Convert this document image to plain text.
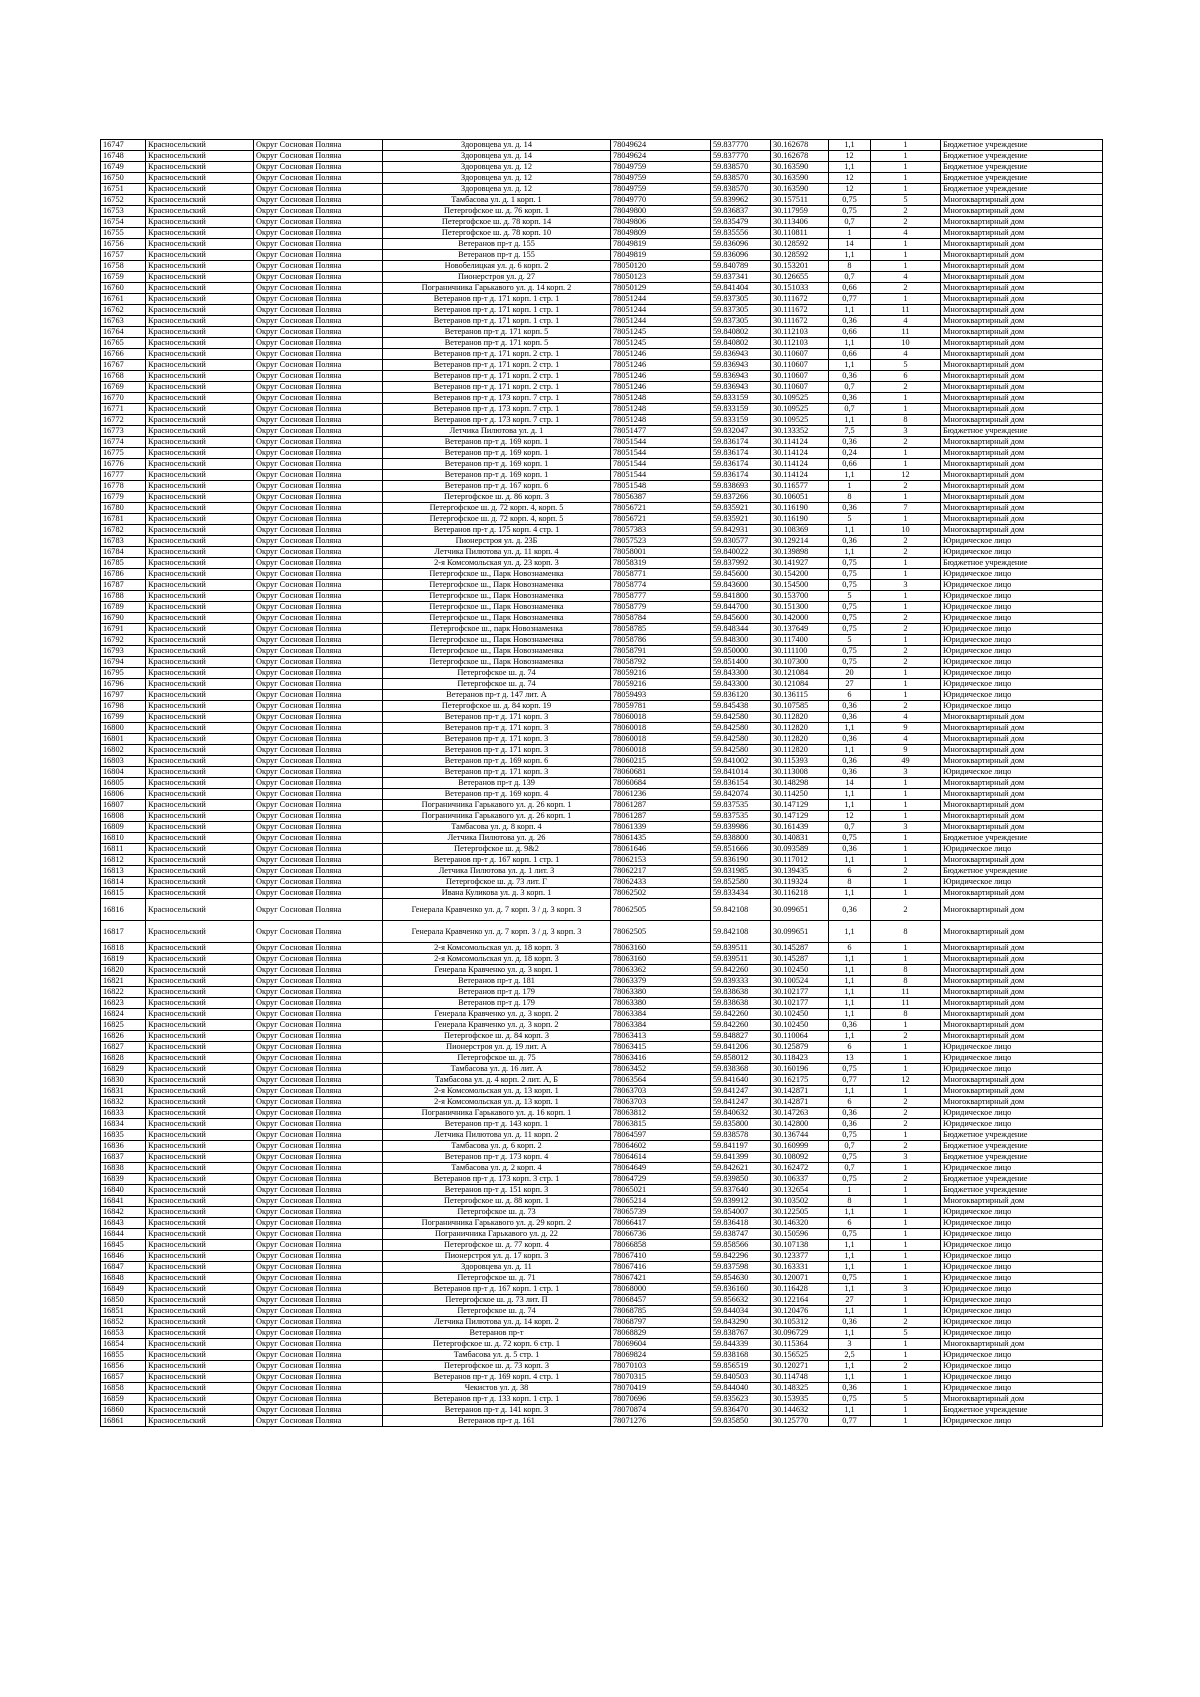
16747	Красносельский	Округ Сосновая Поляна	Здоровцева ул. д. 14	78049624	59.837770	30.162678	1,1	1	Бюджетное учреждение
16748	Красносельский	Округ Сосновая Поляна	Здоровцева ул. д. 14	78049624	59.837770	30.162678	12	1	Бюджетное учреждение
16749	Красносельский	Округ Сосновая Поляна	Здоровцева ул. д. 12	78049759	59.838570	30.163590	1,1	1	Бюджетное учреждение
16750	Красносельский	Округ Сосновая Поляна	Здоровцева ул. д. 12	78049759	59.838570	30.163590	12	1	Бюджетное учреждение
16751	Красносельский	Округ Сосновая Поляна	Здоровцева ул. д. 12	78049759	59.838570	30.163590	12	1	Бюджетное учреждение
16752	Красносельский	Округ Сосновая Поляна	Тамбасова ул. д. 1 корп. 1	78049770	59.839962	30.157511	0,75	5	Многоквартирный дом
16753	Красносельский	Округ Сосновая Поляна	Петергофское ш. д. 76 корп. 1	78049800	59.836837	30.117959	0,75	2	Многоквартирный дом
16754	Красносельский	Округ Сосновая Поляна	Петергофское ш. д. 78 корп. 14	78049806	59.835479	30.113406	0,7	2	Многоквартирный дом
16755	Красносельский	Округ Сосновая Поляна	Петергофское ш. д. 78 корп. 10	78049809	59.835556	30.110811	1	4	Многоквартирный дом
16756	Красносельский	Округ Сосновая Поляна	Ветеранов пр-т д. 155	78049819	59.836096	30.128592	14	1	Многоквартирный дом
16757	Красносельский	Округ Сосновая Поляна	Ветеранов пр-т д. 155	78049819	59.836096	30.128592	1,1	1	Многоквартирный дом
16758	Красносельский	Округ Сосновая Поляна	Новобелицкая ул. д. 6 корп. 2	78050120	59.840789	30.153201	8	1	Многоквартирный дом
16759	Красносельский	Округ Сосновая Поляна	Пионерстроя ул. д. 27	78050123	59.837341	30.126655	0,7	4	Многоквартирный дом
16760	Красносельский	Округ Сосновая Поляна	Пограничника Гарькавого ул. д. 14 корп. 2	78050129	59.841404	30.151033	0,66	2	Многоквартирный дом
16761	Красносельский	Округ Сосновая Поляна	Ветеранов пр-т д. 171 корп. 1 стр. 1	78051244	59.837305	30.111672	0,77	1	Многоквартирный дом
16762	Красносельский	Округ Сосновая Поляна	Ветеранов пр-т д. 171 корп. 1 стр. 1	78051244	59.837305	30.111672	1,1	11	Многоквартирный дом
16763	Красносельский	Округ Сосновая Поляна	Ветеранов пр-т д. 171 корп. 1 стр. 1	78051244	59.837305	30.111672	0,36	4	Многоквартирный дом
16764	Красносельский	Округ Сосновая Поляна	Ветеранов пр-т д. 171 корп. 5	78051245	59.840802	30.112103	0,66	11	Многоквартирный дом
16765	Красносельский	Округ Сосновая Поляна	Ветеранов пр-т д. 171 корп. 5	78051245	59.840802	30.112103	1,1	10	Многоквартирный дом
16766	Красносельский	Округ Сосновая Поляна	Ветеранов пр-т д. 171 корп. 2 стр. 1	78051246	59.836943	30.110607	0,66	4	Многоквартирный дом
16767	Красносельский	Округ Сосновая Поляна	Ветеранов пр-т д. 171 корп. 2 стр. 1	78051246	59.836943	30.110607	1,1	5	Многоквартирный дом
16768	Красносельский	Округ Сосновая Поляна	Ветеранов пр-т д. 171 корп. 2 стр. 1	78051246	59.836943	30.110607	0,36	6	Многоквартирный дом
16769	Красносельский	Округ Сосновая Поляна	Ветеранов пр-т д. 171 корп. 2 стр. 1	78051246	59.836943	30.110607	0,7	2	Многоквартирный дом
16770	Красносельский	Округ Сосновая Поляна	Ветеранов пр-т д. 173 корп. 7 стр. 1	78051248	59.833159	30.109525	0,36	1	Многоквартирный дом
16771	Красносельский	Округ Сосновая Поляна	Ветеранов пр-т д. 173 корп. 7 стр. 1	78051248	59.833159	30.109525	0,7	1	Многоквартирный дом
16772	Красносельский	Округ Сосновая Поляна	Ветеранов пр-т д. 173 корп. 7 стр. 1	78051248	59.833159	30.109525	1,1	8	Многоквартирный дом
16773	Красносельский	Округ Сосновая Поляна	Летчика Пилютова ул. д. 1	78051477	59.832047	30.133352	7,5	3	Бюджетное учреждение
16774	Красносельский	Округ Сосновая Поляна	Ветеранов пр-т д. 169 корп. 1	78051544	59.836174	30.114124	0,36	2	Многоквартирный дом
16775	Красносельский	Округ Сосновая Поляна	Ветеранов пр-т д. 169 корп. 1	78051544	59.836174	30.114124	0,24	1	Многоквартирный дом
16776	Красносельский	Округ Сосновая Поляна	Ветеранов пр-т д. 169 корп. 1	78051544	59.836174	30.114124	0,66	1	Многоквартирный дом
16777	Красносельский	Округ Сосновая Поляна	Ветеранов пр-т д. 169 корп. 1	78051544	59.836174	30.114124	1,1	12	Многоквартирный дом
16778	Красносельский	Округ Сосновая Поляна	Ветеранов пр-т д. 167 корп. 6	78051548	59.838693	30.116577	1	2	Многоквартирный дом
16779	Красносельский	Округ Сосновая Поляна	Петергофское ш. д. 86 корп. 3	78056387	59.837266	30.106051	8	1	Многоквартирный дом
16780	Красносельский	Округ Сосновая Поляна	Петергофское ш. д. 72 корп. 4, корп. 5	78056721	59.835921	30.116190	0,36	7	Многоквартирный дом
16781	Красносельский	Округ Сосновая Поляна	Петергофское ш. д. 72 корп. 4, корп. 5	78056721	59.835921	30.116190	5	1	Многоквартирный дом
16782	Красносельский	Округ Сосновая Поляна	Ветеранов пр-т д. 175 корп. 4 стр. 1	78057383	59.842931	30.108369	1,1	10	Многоквартирный дом
16783	Красносельский	Округ Сосновая Поляна	Пионерстроя ул. д. 23Б	78057523	59.830577	30.129214	0,36	2	Юридическое лицо
16784	Красносельский	Округ Сосновая Поляна	Летчика Пилютова ул. д. 11 корп. 4	78058001	59.840022	30.139898	1,1	2	Юридическое лицо
16785	Красносельский	Округ Сосновая Поляна	2-я Комсомольская ул. д. 23 корп. 3	78058319	59.837992	30.141927	0,75	1	Бюджетное учреждение
16786	Красносельский	Округ Сосновая Поляна	Петергофское ш., Парк Новознаменка	78058771	59.845600	30.154200	0,75	1	Юридическое лицо
16787	Красносельский	Округ Сосновая Поляна	Петергофское ш., Парк Новознаменка	78058774	59.843600	30.154500	0,75	3	Юридическое лицо
16788	Красносельский	Округ Сосновая Поляна	Петергофское ш., Парк Новознаменка	78058777	59.841800	30.153700	5	1	Юридическое лицо
16789	Красносельский	Округ Сосновая Поляна	Петергофское ш., Парк Новознаменка	78058779	59.844700	30.151300	0,75	1	Юридическое лицо
16790	Красносельский	Округ Сосновая Поляна	Петергофское ш., Парк Новознаменка	78058784	59.845600	30.142000	0,75	2	Юридическое лицо
16791	Красносельский	Округ Сосновая Поляна	Петергофское ш., парк Новознаменка	78058785	59.848344	30.137649	0,75	2	Юридическое лицо
16792	Красносельский	Округ Сосновая Поляна	Петергофское ш., Парк Новознаменка	78058786	59.848300	30.117400	5	1	Юридическое лицо
16793	Красносельский	Округ Сосновая Поляна	Петергофское ш., Парк Новознаменка	78058791	59.850000	30.111100	0,75	2	Юридическое лицо
16794	Красносельский	Округ Сосновая Поляна	Петергофское ш., Парк Новознаменка	78058792	59.851400	30.107300	0,75	2	Юридическое лицо
16795	Красносельский	Округ Сосновая Поляна	Петергофское ш. д. 74	78059216	59.843300	30.121084	20	1	Юридическое лицо
16796	Красносельский	Округ Сосновая Поляна	Петергофское ш. д. 74	78059216	59.843300	30.121084	27	1	Юридическое лицо
16797	Красносельский	Округ Сосновая Поляна	Ветеранов пр-т д. 147 лит. А	78059493	59.836120	30.136115	6	1	Юридическое лицо
16798	Красносельский	Округ Сосновая Поляна	Петергофское ш. д. 84 корп. 19	78059781	59.845438	30.107585	0,36	2	Юридическое лицо
16799	Красносельский	Округ Сосновая Поляна	Ветеранов пр-т д. 171 корп. 3	78060018	59.842580	30.112820	0,36	4	Многоквартирный дом
16800	Красносельский	Округ Сосновая Поляна	Ветеранов пр-т д. 171 корп. 3	78060018	59.842580	30.112820	1,1	9	Многоквартирный дом
16801	Красносельский	Округ Сосновая Поляна	Ветеранов пр-т д. 171 корп. 3	78060018	59.842580	30.112820	0,36	4	Многоквартирный дом
16802	Красносельский	Округ Сосновая Поляна	Ветеранов пр-т д. 171 корп. 3	78060018	59.842580	30.112820	1,1	9	Многоквартирный дом
16803	Красносельский	Округ Сосновая Поляна	Ветеранов пр-т д. 169 корп. 6	78060215	59.841002	30.115393	0,36	49	Многоквартирный дом
16804	Красносельский	Округ Сосновая Поляна	Ветеранов пр-т д. 171 корп. 3	78060681	59.841014	30.113008	0,36	3	Юридическое лицо
16805	Красносельский	Округ Сосновая Поляна	Ветеранов пр-т д. 139	78060684	59.836154	30.148298	14	1	Многоквартирный дом
16806	Красносельский	Округ Сосновая Поляна	Ветеранов пр-т д. 169 корп. 4	78061236	59.842074	30.114250	1,1	1	Многоквартирный дом
16807	Красносельский	Округ Сосновая Поляна	Пограничника Гарькавого ул. д. 26 корп. 1	78061287	59.837535	30.147129	1,1	1	Многоквартирный дом
16808	Красносельский	Округ Сосновая Поляна	Пограничника Гарькавого ул. д. 26 корп. 1	78061287	59.837535	30.147129	12	1	Многоквартирный дом
16809	Красносельский	Округ Сосновая Поляна	Тамбасова ул. д. 8 корп. 4	78061339	59.839986	30.161439	0,7	3	Многоквартирный дом
16810	Красносельский	Округ Сосновая Поляна	Летчика Пилютова ул. д. 26	78061435	59.838800	30.140831	0,75	1	Бюджетное учреждение
16811	Красносельский	Округ Сосновая Поляна	Петергофское ш. д. 9&2	78061646	59.851666	30.093589	0,36	1	Юридическое лицо
16812	Красносельский	Округ Сосновая Поляна	Ветеранов пр-т д. 167 корп. 1 стр. 1	78062153	59.836190	30.117012	1,1	1	Многоквартирный дом
16813	Красносельский	Округ Сосновая Поляна	Летчика Пилютова ул. д. 1 лит. З	78062217	59.831985	30.139435	6	2	Бюджетное учреждение
16814	Красносельский	Округ Сосновая Поляна	Петергофское ш. д. 73 лит. Г	78062433	59.852580	30.119324	8	1	Юридическое лицо
16815	Красносельский	Округ Сосновая Поляна	Ивана Куликова ул. д. 3 корп. 1	78062502	59.833434	30.116218	1,1	1	Многоквартирный дом
16816	Красносельский	Округ Сосновая Поляна	Генерала Кравченко ул. д. 7 корп. 3 / д. 3 корп. 3	78062505	59.842108	30.099651	0,36	2	Многоквартирный дом
16817	Красносельский	Округ Сосновая Поляна	Генерала Кравченко ул. д. 7 корп. 3 / д. 3 корп. 3	78062505	59.842108	30.099651	1,1	8	Многоквартирный дом
16818	Красносельский	Округ Сосновая Поляна	2-я Комсомольская ул. д. 18 корп. 3	78063160	59.839511	30.145287	6	1	Многоквартирный дом
16819	Красносельский	Округ Сосновая Поляна	2-я Комсомольская ул. д. 18 корп. 3	78063160	59.839511	30.145287	1,1	1	Многоквартирный дом
16820	Красносельский	Округ Сосновая Поляна	Генерала Кравченко ул. д. 3 корп. 1	78063362	59.842260	30.102450	1,1	8	Многоквартирный дом
16821	Красносельский	Округ Сосновая Поляна	Ветеранов пр-т д. 181	78063379	59.839333	30.100524	1,1	8	Многоквартирный дом
16822	Красносельский	Округ Сосновая Поляна	Ветеранов пр-т д. 179	78063380	59.838638	30.102177	1,1	11	Многоквартирный дом
16823	Красносельский	Округ Сосновая Поляна	Ветеранов пр-т д. 179	78063380	59.838638	30.102177	1,1	11	Многоквартирный дом
16824	Красносельский	Округ Сосновая Поляна	Генерала Кравченко ул. д. 3 корп. 2	78063384	59.842260	30.102450	1,1	8	Многоквартирный дом
16825	Красносельский	Округ Сосновая Поляна	Генерала Кравченко ул. д. 3 корп. 2	78063384	59.842260	30.102450	0,36	1	Многоквартирный дом
16826	Красносельский	Округ Сосновая Поляна	Петергофское ш. д. 84 корп. 3	78063413	59.848827	30.110064	1,1	2	Многоквартирный дом
16827	Красносельский	Округ Сосновая Поляна	Пионерстроя ул. д. 19 лит. А	78063415	59.841206	30.125879	6	1	Юридическое лицо
16828	Красносельский	Округ Сосновая Поляна	Петергофское ш. д. 75	78063416	59.858012	30.118423	13	1	Юридическое лицо
16829	Красносельский	Округ Сосновая Поляна	Тамбасова ул. д. 16 лит. А	78063452	59.838368	30.160196	0,75	1	Юридическое лицо
16830	Красносельский	Округ Сосновая Поляна	Тамбасова ул. д. 4 корп. 2 лит. А, Б	78063564	59.841640	30.162175	0,77	12	Многоквартирный дом
16831	Красносельский	Округ Сосновая Поляна	2-я Комсомольская ул. д. 13 корп. 1	78063703	59.841247	30.142871	1,1	1	Многоквартирный дом
16832	Красносельский	Округ Сосновая Поляна	2-я Комсомольская ул. д. 13 корп. 1	78063703	59.841247	30.142871	6	2	Многоквартирный дом
16833	Красносельский	Округ Сосновая Поляна	Пограничника Гарькавого ул. д. 16 корп. 1	78063812	59.840632	30.147263	0,36	2	Юридическое лицо
16834	Красносельский	Округ Сосновая Поляна	Ветеранов пр-т д. 143 корп. 1	78063815	59.835800	30.142800	0,36	2	Юридическое лицо
16835	Красносельский	Округ Сосновая Поляна	Летчика Пилютова ул. д. 11 корп. 2	78064597	59.838578	30.136744	0,75	1	Бюджетное учреждение
16836	Красносельский	Округ Сосновая Поляна	Тамбасова ул. д. 6 корп. 2	78064602	59.841197	30.160999	0,7	2	Бюджетное учреждение
16837	Красносельский	Округ Сосновая Поляна	Ветеранов пр-т д. 173 корп. 4	78064614	59.841399	30.108092	0,75	3	Бюджетное учреждение
16838	Красносельский	Округ Сосновая Поляна	Тамбасова ул. д. 2 корп. 4	78064649	59.842621	30.162472	0,7	1	Юридическое лицо
16839	Красносельский	Округ Сосновая Поляна	Ветеранов пр-т д. 173 корп. 3 стр. 1	78064729	59.839850	30.106337	0,75	2	Бюджетное учреждение
16840	Красносельский	Округ Сосновая Поляна	Ветеранов пр-т д. 151 корп. 3	78065021	59.837640	30.132654	1	1	Бюджетное учреждение
16841	Красносельский	Округ Сосновая Поляна	Петергофское ш. д. 88 корп. 1	78065214	59.839912	30.103502	8	1	Многоквартирный дом
16842	Красносельский	Округ Сосновая Поляна	Петергофское ш. д. 73	78065739	59.854007	30.122505	1,1	1	Юридическое лицо
16843	Красносельский	Округ Сосновая Поляна	Пограничника Гарькавого ул. д. 29 корп. 2	78066417	59.836418	30.146320	6	1	Юридическое лицо
16844	Красносельский	Округ Сосновая Поляна	Пограничника Гарькавого ул. д. 22	78066736	59.838747	30.150596	0,75	1	Юридическое лицо
16845	Красносельский	Округ Сосновая Поляна	Петергофское ш. д. 77 корп. 4	78066858	59.858566	30.107138	1,1	1	Юридическое лицо
16846	Красносельский	Округ Сосновая Поляна	Пионерстроя ул. д. 17 корп. 3	78067410	59.842296	30.123377	1,1	1	Юридическое лицо
16847	Красносельский	Округ Сосновая Поляна	Здоровцева ул. д. 11	78067416	59.837598	30.163331	1,1	1	Юридическое лицо
16848	Красносельский	Округ Сосновая Поляна	Петергофское ш. д. 71	78067421	59.854630	30.120071	0,75	1	Юридическое лицо
16849	Красносельский	Округ Сосновая Поляна	Ветеранов пр-т д. 167 корп. 1 стр. 1	78068000	59.836160	30.116428	1,1	3	Юридическое лицо
16850	Красносельский	Округ Сосновая Поляна	Петергофское ш. д. 73 лит. П	78068457	59.856632	30.122164	27	1	Юридическое лицо
16851	Красносельский	Округ Сосновая Поляна	Петергофское ш. д. 74	78068785	59.844034	30.120476	1,1	1	Юридическое лицо
16852	Красносельский	Округ Сосновая Поляна	Летчика Пилютова ул. д. 14 корп. 2	78068797	59.843290	30.105312	0,36	2	Юридическое лицо
16853	Красносельский	Округ Сосновая Поляна	Ветеранов пр-т	78068829	59.838767	30.096729	1,1	5	Юридическое лицо
16854	Красносельский	Округ Сосновая Поляна	Петергофское ш. д. 72 корп. 6 стр. 1	78069604	59.844339	30.115364	3	1	Многоквартирный дом
16855	Красносельский	Округ Сосновая Поляна	Тамбасова ул. д. 5 стр. 1	78069824	59.838168	30.156525	2,5	1	Юридическое лицо
16856	Красносельский	Округ Сосновая Поляна	Петергофское ш. д. 73 корп. 3	78070103	59.856519	30.120271	1,1	2	Юридическое лицо
16857	Красносельский	Округ Сосновая Поляна	Ветеранов пр-т д. 169 корп. 4 стр. 1	78070315	59.840503	30.114748	1,1	1	Юридическое лицо
16858	Красносельский	Округ Сосновая Поляна	Чекистов ул. д. 38	78070419	59.844040	30.148325	0,36	1	Юридическое лицо
16859	Красносельский	Округ Сосновая Поляна	Ветеранов пр-т д. 133 корп. 1 стр. 1	78070696	59.835623	30.153935	0,75	5	Многоквартирный дом
16860	Красносельский	Округ Сосновая Поляна	Ветеранов пр-т д. 141 корп. 3	78070874	59.836470	30.144632	1,1	1	Бюджетное учреждение
16861	Красносельский	Округ Сосновая Поляна	Ветеранов пр-т д. 161	78071276	59.835850	30.125770	0,77	1	Юридическое лицо
